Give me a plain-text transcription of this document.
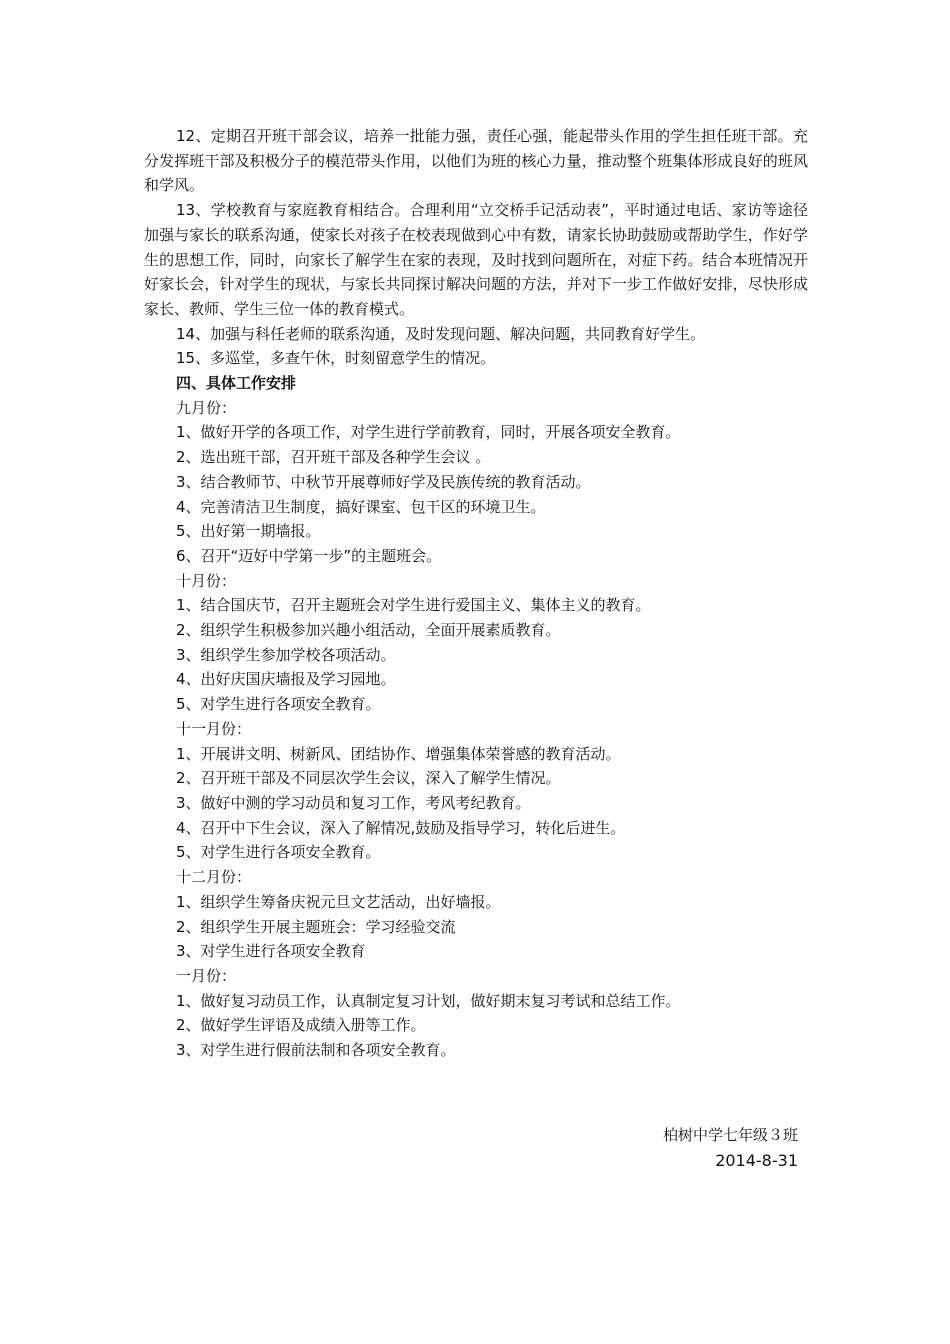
12、定期召开班干部会议，培养一批能力强，责任心强，能起带头作用的学生担任班干部。充分发挥班干部及积极分子的模范带头作用，以他们为班的核心力量，推动整个班集体形成良好的班风和学风。

13、学校教育与家庭教育相结合。合理利用“立交桥手记活动表”，平时通过电话、家访等途径加强与家长的联系沟通，使家长对孩子在校表现做到心中有数，请家长协助鼓励或帮助学生，作好学生的思想工作，同时，向家长了解学生在家的表现，及时找到问题所在，对症下药。结合本班情况开好家长会，针对学生的现状，与家长共同探讨解决问题的方法，并对下一步工作做好安排，尽快形成家长、教师、学生三位一体的教育模式。

14、加强与科任老师的联系沟通，及时发现问题、解决问题，共同教育好学生。

15、多巡堂，多查午休，时刻留意学生的情况。

四、具体工作安排

九月份：

1、做好开学的各项工作，对学生进行学前教育，同时，开展各项安全教育。

2、选出班干部，召开班干部及各种学生会议 。

3、结合教师节、中秋节开展尊师好学及民族传统的教育活动。

4、完善清洁卫生制度，搞好课室、包干区的环境卫生。

5、出好第一期墙报。

6、召开“迈好中学第一步”的主题班会。

十月份：

1、结合国庆节，召开主题班会对学生进行爱国主义、集体主义的教育。

2、组织学生积极参加兴趣小组活动，全面开展素质教育。

3、组织学生参加学校各项活动。

4、出好庆国庆墙报及学习园地。

5、对学生进行各项安全教育。

十一月份：

1、开展讲文明、树新风、团结协作、增强集体荣誉感的教育活动。

2、召开班干部及不同层次学生会议，深入了解学生情况。

3、做好中测的学习动员和复习工作，考风考纪教育。

4、召开中下生会议，深入了解情况,鼓励及指导学习，转化后进生。

5、对学生进行各项安全教育。

十二月份：

1、组织学生筹备庆祝元旦文艺活动，出好墙报。

2、组织学生开展主题班会：学习经验交流

3、对学生进行各项安全教育

一月份：

1、做好复习动员工作，认真制定复习计划，做好期末复习考试和总结工作。

2、做好学生评语及成绩入册等工作。

3、对学生进行假前法制和各项安全教育。

柏树中学七年级３班
2014-8-31
